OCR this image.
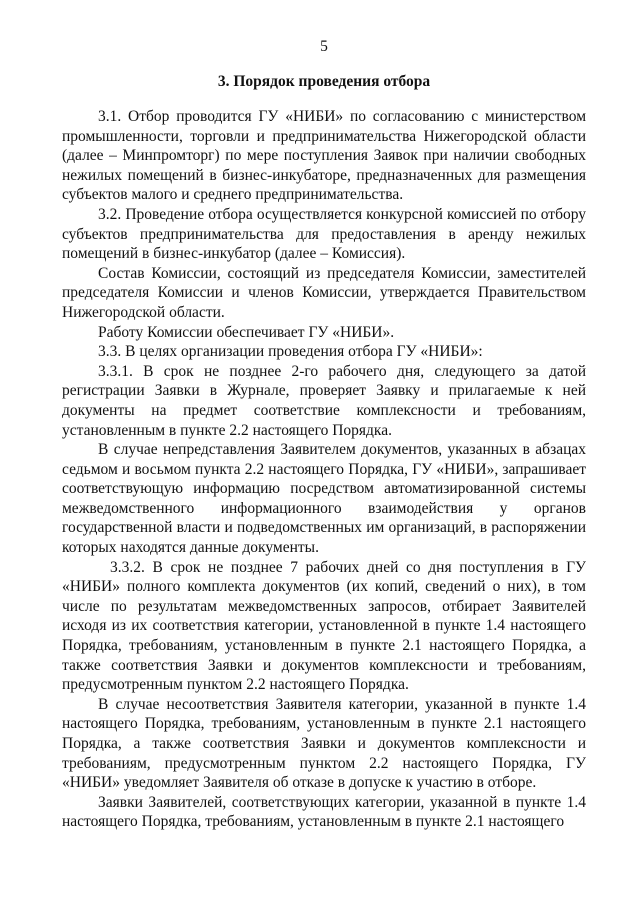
5
3. Порядок проведения отбора

3.1. Отбор проводится ГУ «НИБИ» по согласованию с министерством промышленности, торговли и предпринимательства Нижегородской области (далее – Минпромторг) по мере поступления Заявок при наличии свободных нежилых помещений в бизнес-инкубаторе, предназначенных для размещения субъектов малого и среднего предпринимательства.

3.2. Проведение отбора осуществляется конкурсной комиссией по отбору субъектов предпринимательства для предоставления в аренду нежилых помещений в бизнес-инкубатор (далее – Комиссия).

Состав Комиссии, состоящий из председателя Комиссии, заместителей председателя Комиссии и членов Комиссии, утверждается Правительством Нижегородской области.

Работу Комиссии обеспечивает ГУ «НИБИ».

3.3. В целях организации проведения отбора ГУ «НИБИ»:

3.3.1. В срок не позднее 2-го рабочего дня, следующего за датой регистрации Заявки в Журнале, проверяет Заявку и прилагаемые к ней документы на предмет соответствие комплексности и требованиям, установленным в пункте 2.2 настоящего Порядка.

В случае непредставления Заявителем документов, указанных в абзацах седьмом и восьмом пункта 2.2 настоящего Порядка, ГУ «НИБИ», запрашивает соответствующую информацию посредством автоматизированной системы межведомственного информационного взаимодействия у органов государственной власти и подведомственных им организаций, в распоряжении которых находятся данные документы.

3.3.2. В срок не позднее 7 рабочих дней со дня поступления в ГУ «НИБИ» полного комплекта документов (их копий, сведений о них), в том числе по результатам межведомственных запросов, отбирает Заявителей исходя из их соответствия категории, установленной в пункте 1.4 настоящего Порядка, требованиям, установленным в пункте 2.1 настоящего Порядка, а также соответствия Заявки и документов комплексности и требованиям, предусмотренным пунктом 2.2 настоящего Порядка.

В случае несоответствия Заявителя категории, указанной в пункте 1.4 настоящего Порядка, требованиям, установленным в пункте 2.1 настоящего Порядка, а также соответствия Заявки и документов комплексности и требованиям, предусмотренным пунктом 2.2 настоящего Порядка, ГУ «НИБИ» уведомляет Заявителя об отказе в допуске к участию в отборе.

Заявки Заявителей, соответствующих категории, указанной в пункте 1.4 настоящего Порядка, требованиям, установленным в пункте 2.1 настоящего
